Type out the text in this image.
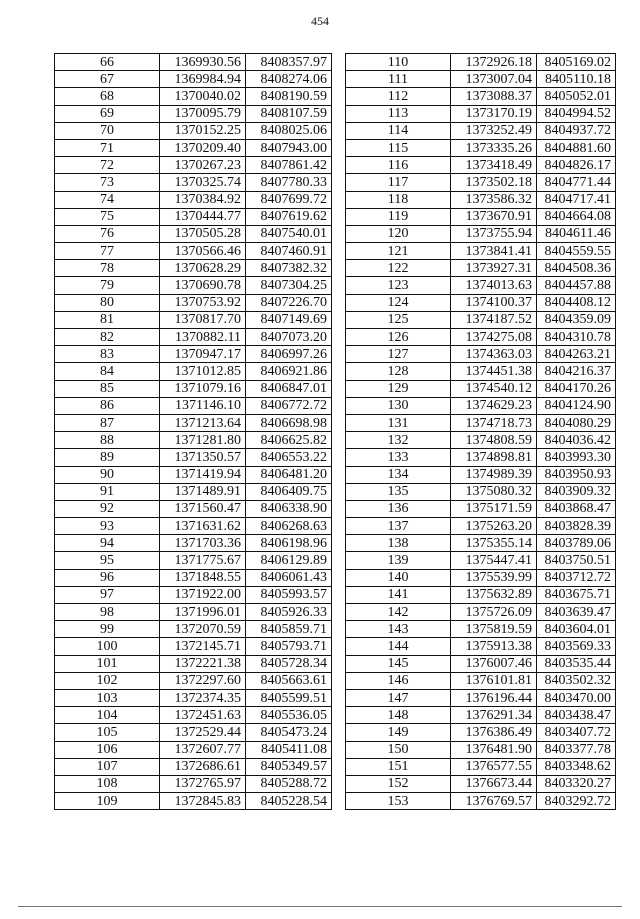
454
66	1369930.56	8408357.97
67	1369984.94	8408274.06
68	1370040.02	8408190.59
69	1370095.79	8408107.59
70	1370152.25	8408025.06
71	1370209.40	8407943.00
72	1370267.23	8407861.42
73	1370325.74	8407780.33
74	1370384.92	8407699.72
75	1370444.77	8407619.62
76	1370505.28	8407540.01
77	1370566.46	8407460.91
78	1370628.29	8407382.32
79	1370690.78	8407304.25
80	1370753.92	8407226.70
81	1370817.70	8407149.69
82	1370882.11	8407073.20
83	1370947.17	8406997.26
84	1371012.85	8406921.86
85	1371079.16	8406847.01
86	1371146.10	8406772.72
87	1371213.64	8406698.98
88	1371281.80	8406625.82
89	1371350.57	8406553.22
90	1371419.94	8406481.20
91	1371489.91	8406409.75
92	1371560.47	8406338.90
93	1371631.62	8406268.63
94	1371703.36	8406198.96
95	1371775.67	8406129.89
96	1371848.55	8406061.43
97	1371922.00	8405993.57
98	1371996.01	8405926.33
99	1372070.59	8405859.71
100	1372145.71	8405793.71
101	1372221.38	8405728.34
102	1372297.60	8405663.61
103	1372374.35	8405599.51
104	1372451.63	8405536.05
105	1372529.44	8405473.24
106	1372607.77	8405411.08
107	1372686.61	8405349.57
108	1372765.97	8405288.72
109	1372845.83	8405228.54
110	1372926.18	8405169.02
111	1373007.04	8405110.18
112	1373088.37	8405052.01
113	1373170.19	8404994.52
114	1373252.49	8404937.72
115	1373335.26	8404881.60
116	1373418.49	8404826.17
117	1373502.18	8404771.44
118	1373586.32	8404717.41
119	1373670.91	8404664.08
120	1373755.94	8404611.46
121	1373841.41	8404559.55
122	1373927.31	8404508.36
123	1374013.63	8404457.88
124	1374100.37	8404408.12
125	1374187.52	8404359.09
126	1374275.08	8404310.78
127	1374363.03	8404263.21
128	1374451.38	8404216.37
129	1374540.12	8404170.26
130	1374629.23	8404124.90
131	1374718.73	8404080.29
132	1374808.59	8404036.42
133	1374898.81	8403993.30
134	1374989.39	8403950.93
135	1375080.32	8403909.32
136	1375171.59	8403868.47
137	1375263.20	8403828.39
138	1375355.14	8403789.06
139	1375447.41	8403750.51
140	1375539.99	8403712.72
141	1375632.89	8403675.71
142	1375726.09	8403639.47
143	1375819.59	8403604.01
144	1375913.38	8403569.33
145	1376007.46	8403535.44
146	1376101.81	8403502.32
147	1376196.44	8403470.00
148	1376291.34	8403438.47
149	1376386.49	8403407.72
150	1376481.90	8403377.78
151	1376577.55	8403348.62
152	1376673.44	8403320.27
153	1376769.57	8403292.72
